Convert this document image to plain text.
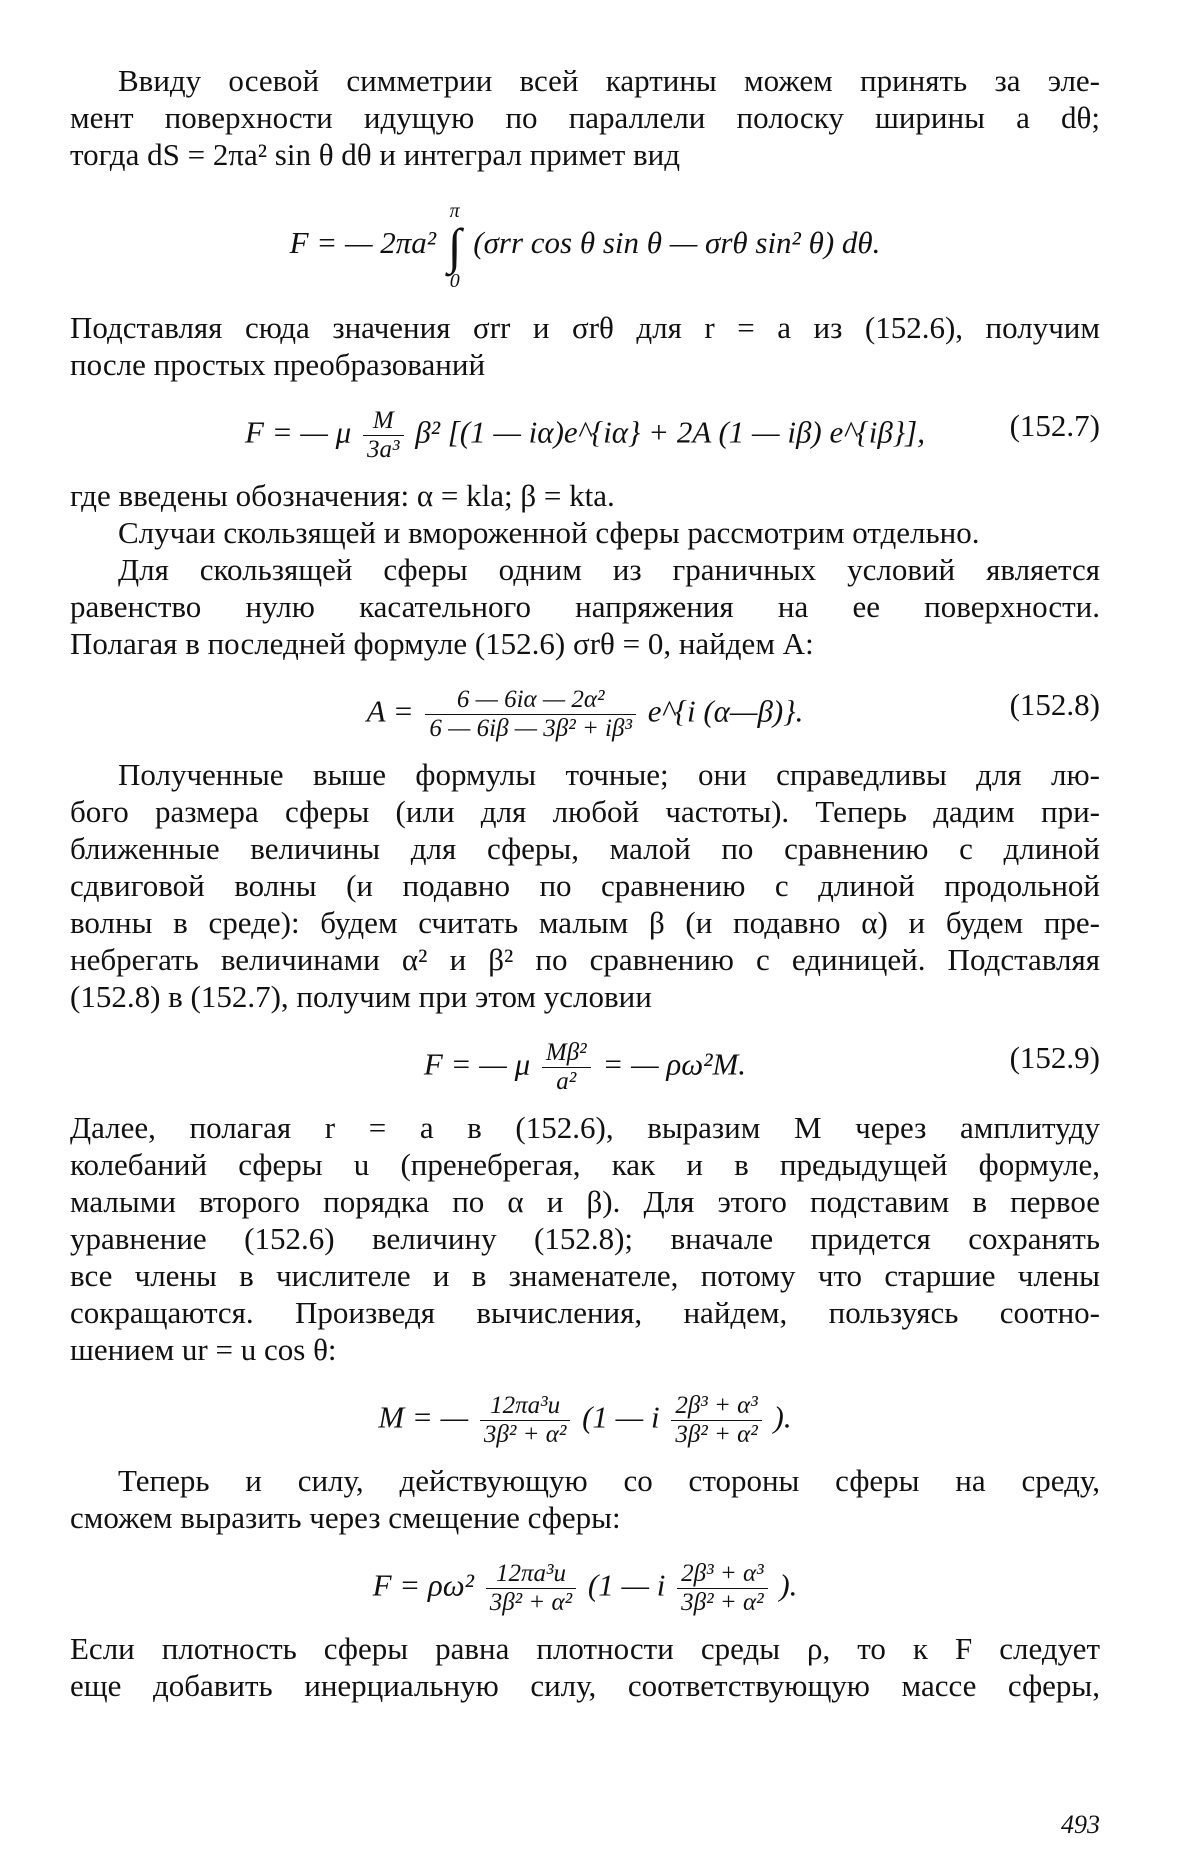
Ввиду осевой симметрии всей картины можем принять за эле-
мент поверхности идущую по параллели полоску ширины a dθ;
тогда dS = 2πa² sin θ dθ и интеграл примет вид

F = — 2πa² π
∫
0 (σrr cos θ sin θ — σrθ sin² θ) dθ.

Подставляя сюда значения σrr и σrθ для r = a из (152.6), получим
после простых преобразований

F = — μ $\frac{M}{\text{3a³}} \beta^2$ [(1 — iα)e^{iα} + 2A (1 — iβ) e^{iβ}],	(152.7)

где введены обозначения: α = kla; β = kta.

Случаи скользящей и вмороженной сферы рассмотрим отдельно.

Для скользящей сферы одним из граничных условий является
равенство нулю касательного напряжения на ее поверхности.
Полагая в последней формуле (152.6) σrθ = 0, найдем A:

$A = \frac{\text{6 — 6iα — 2α²}}{\text{6 — 6iβ — 3β² + iβ³}}$ e^{i (α—β)}.	(152.8)

Полученные выше формулы точные; они справедливы для лю-
бого размера сферы (или для любой частоты). Теперь дадим при-
ближенные величины для сферы, малой по сравнению с длиной
сдвиговой волны (и подавно по сравнению с длиной продольной
волны в среде): будем считать малым β (и подавно α) и будем пре-
небрегать величинами α² и β² по сравнению с единицей. Подставляя
(152.8) в (152.7), получим при этом условии

F = — μ $\frac{\text{Mβ²}}{\text{a²}}$ = — ρω²M.	(152.9)

Далее, полагая r = a в (152.6), выразим M через амплитуду
колебаний сферы u (пренебрегая, как и в предыдущей формуле,
малыми второго порядка по α и β). Для этого подставим в первое
уравнение (152.6) величину (152.8); вначале придется сохранять
все члены в числителе и в знаменателе, потому что старшие члены
сокращаются. Произведя вычисления, найдем, пользуясь соотно-
шением ur = u cos θ:

M = — $\frac{\text{12πa³u}}{\text{3β² + α²}} (1$ — i $\frac{\text{2β³ + α³}}{\text{3β² + α²}}$ ).

Теперь и силу, действующую со стороны сферы на среду,
сможем выразить через смещение сферы:

$F = \rho\omega^2 \frac{\text{12πa³u}}{\text{3β² + α²}} (1$ — i $\frac{\text{2β³ + α³}}{\text{3β² + α²}}$ ).

Если плотность сферы равна плотности среды ρ, то к F следует
еще добавить инерциальную силу, соответствующую массе сферы,

493
